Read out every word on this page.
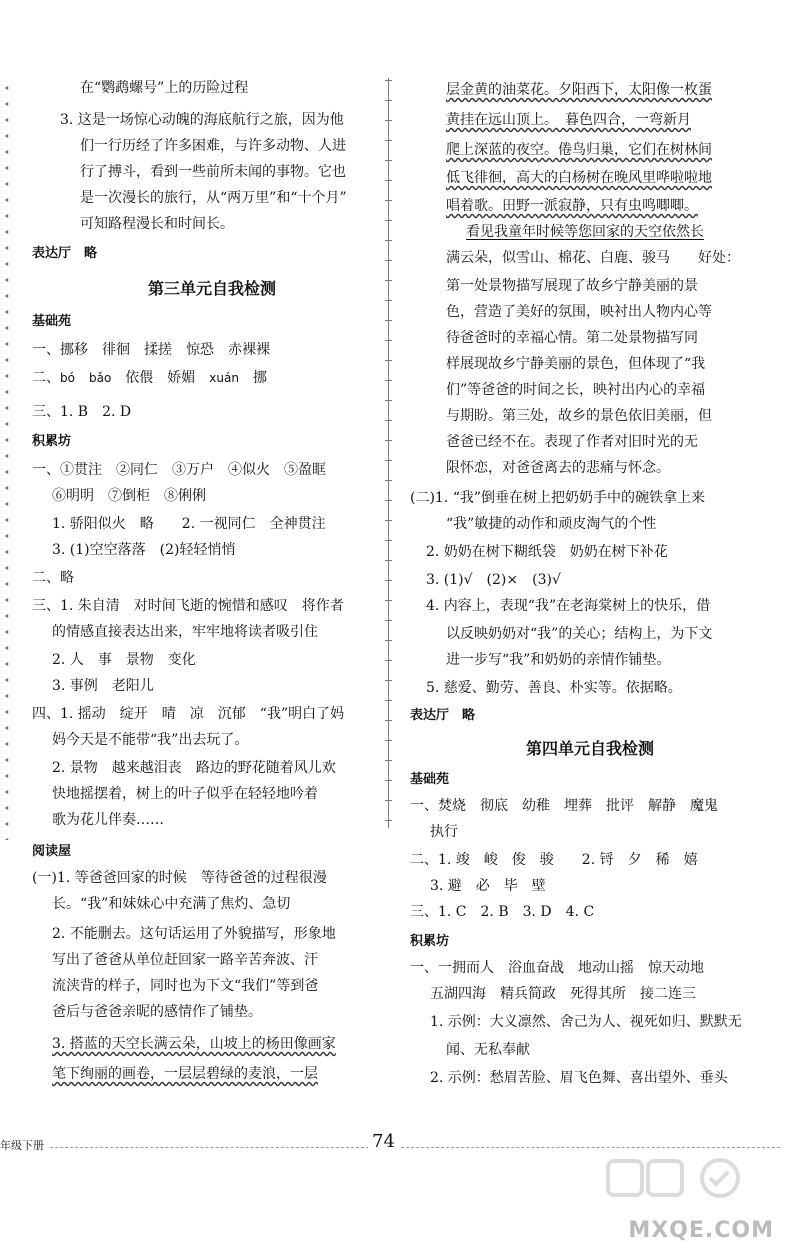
在“鹦鹉螺号”上的历险过程
3. 这是一场惊心动魄的海底航行之旅，因为他
们一行历经了许多困难，与许多动物、人进
行了搏斗，看到一些前所未闻的事物。它也
是一次漫长的旅行，从“两万里”和“十个月”
可知路程漫长和时间长。
表达厅　略
第三单元自我检测
基础苑
一、挪移　徘徊　揉搓　惊恐　赤裸裸
二、bó　 bǎo　 依偎　娇媚　 xuán　 挪
三、1. B　2. D
积累坊
一、①贯注　②同仁　③万户　④似火　⑤盈眶
⑥明明　⑦倒柜　⑧俐俐
1. 骄阳似火　略　　2. 一视同仁　全神贯注
3. (1)空空落落　(2)轻轻悄悄
二、略
三、1. 朱自清　对时间飞逝的惋惜和感叹　将作者
的情感直接表达出来，牢牢地将读者吸引住
2. 人　事　景物　变化
3. 事例　老阳儿
四、1. 摇动　绽开　晴　凉　沉郁　“我”明白了妈
妈今天是不能带“我”出去玩了。
2. 景物　越来越泪丧　路边的野花随着风儿欢
快地摇摆着，树上的叶子似乎在轻轻地吟着
歌为花儿伴奏……
阅读屋
(一)1. 等爸爸回家的时候　等待爸爸的过程很漫
长。“我”和妹妹心中充满了焦灼、急切
2. 不能删去。这句话运用了外貌描写，形象地
写出了爸爸从单位赶回家一路辛苦奔波、汗
流浃背的样子，同时也为下文“我们”等到爸
爸后与爸爸亲昵的感情作了铺垫。
3. 搭蓝的天空长满云朵，山坡上的杨田像画家
笔下绚丽的画卷，一层层碧绿的麦浪，一层
层金黄的油菜花。夕阳西下，太阳像一枚蛋
黄挂在远山顶上。　暮色四合，一弯新月
爬上深蓝的夜空。倦鸟归巢，它们在树林间
低飞徘徊，高大的白杨树在晚风里哗啦啦地
唱着歌。田野一派寂静，只有虫鸣唧唧。
看见我童年时候等您回家的天空依然长
满云朵，似雪山、棉花、白鹿、骏马　　好处：
第一处景物描写展现了故乡宁静美丽的景
色，营造了美好的氛围，映衬出人物内心等
待爸爸时的幸福心情。第二处景物描写同
样展现故乡宁静美丽的景色，但体现了“我
们”等爸爸的时间之长，映衬出内心的幸福
与期盼。第三处，故乡的景色依旧美丽，但
爸爸已经不在。表现了作者对旧时光的无
限怀恋，对爸爸离去的悲痛与怀念。
(二)1. “我”倒垂在树上把奶奶手中的碗铁拿上来
“我”敏捷的动作和顽皮淘气的个性
2. 奶奶在树下糊纸袋　奶奶在树下补花
3. (1)√　(2)×　(3)√
4. 内容上，表现“我”在老海棠树上的快乐，借
以反映奶奶对“我”的关心；结构上，为下文
进一步写“我”和奶奶的亲情作铺垫。
5. 慈爱、勤劳、善良、朴实等。依据略。
表达厅　略
第四单元自我检测
基础苑
一、焚烧　彻底　幼稚　埋葬　批评　解静　魔鬼
执行
二、1. 竣　峻　俊　骏　　2. 锊　夕　稀　嬉
3. 避　必　毕　壁
三、1. C　2. B　3. D　4. C
积累坊
一、一拥而人　浴血奋战　地动山摇　惊天动地
五湖四海　精兵简政　死得其所　接二连三
1. 示例：大义凛然、舍己为人、视死如归、默默无
闻、无私奉献
2. 示例：愁眉苦脸、眉飞色舞、喜出望外、垂头
年级下册	74
MXQE.COM
